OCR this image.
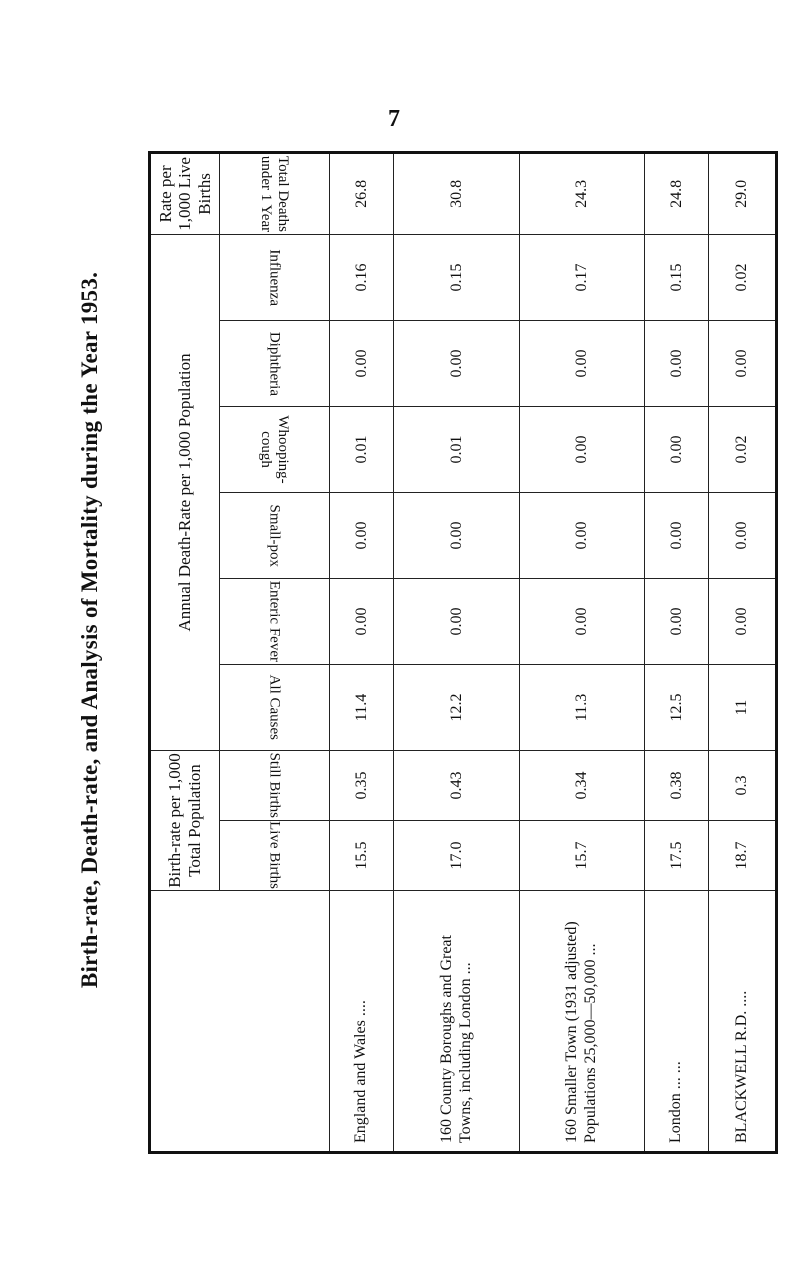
7
Birth-rate, Death-rate, and Analysis of Mortality during the Year 1953.
		Birth-rate per 1,000 Total Population		Annual Death-Rate per 1,000 Population						Rate per 1,000 Live Births
	Live Births	Still Births	All Causes	Enteric Fever	Small-pox	Whooping-cough	Diphtheria	Influenza	Total Deaths under 1 Year
England and Wales ....	15.5	0.35	11.4	0.00	0.00	0.01	0.00	0.16	26.8
160 County Boroughs and Great Towns, including London ...	17.0	0.43	12.2	0.00	0.00	0.01	0.00	0.15	30.8
160 Smaller Town (1931 adjusted) Populations 25,000—50,000 ...	15.7	0.34	11.3	0.00	0.00	0.00	0.00	0.17	24.3
London ... ...	17.5	0.38	12.5	0.00	0.00	0.00	0.00	0.15	24.8
BLACKWELL R.D. ....	18.7	0.3	11	0.00	0.00	0.02	0.00	0.02	29.0
